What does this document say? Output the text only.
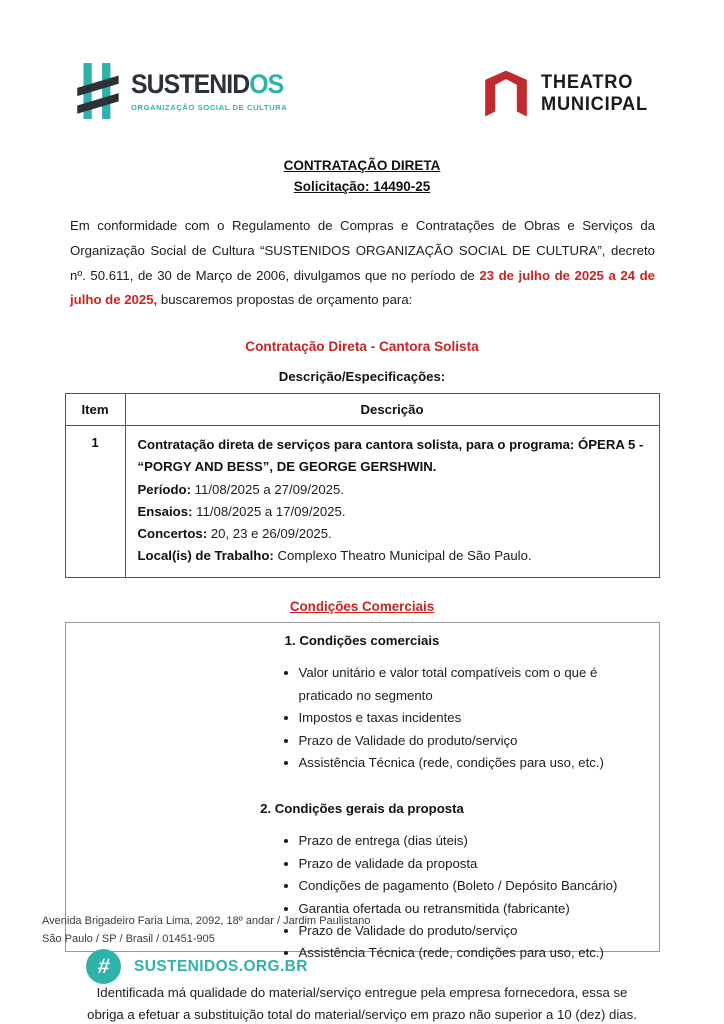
SUSTENIDOS
ORGANIZAÇÃO SOCIAL DE CULTURA
THEATRO
MUNICIPAL
CONTRATAÇÃO DIRETA
Solicitação: 14490-25

Em conformidade com o Regulamento de Compras e Contratações de Obras e Serviços da Organização Social de Cultura “SUSTENIDOS ORGANIZAÇÃO SOCIAL DE CULTURA”, decreto nº. 50.611, de 30 de Março de 2006, divulgamos que no período de 23 de julho de 2025 a 24 de julho de 2025, buscaremos propostas de orçamento para:

Contratação Direta - Cantora Solista
Descrição/Especificações:
Item	Descrição
1	Contratação direta de serviços para cantora solista, para o programa: ÓPERA 5 - “PORGY AND BESS”, DE GEORGE GERSHWIN.
Período: 11/08/2025 a 27/09/2025.
Ensaios: 11/08/2025 a 17/09/2025.
Concertos: 20, 23 e 26/09/2025.
Local(is) de Trabalho: Complexo Theatro Municipal de São Paulo.
Condições Comerciais
1. Condições comerciais
• Valor unitário e valor total compatíveis com o que é praticado no segmento
• Impostos e taxas incidentes
• Prazo de Validade do produto/serviço
• Assistência Técnica (rede, condições para uso, etc.)
2. Condições gerais da proposta
• Prazo de entrega (dias úteis)
• Prazo de validade da proposta
• Condições de pagamento (Boleto / Depósito Bancário)
• Garantia ofertada ou retransmitida (fabricante)
• Prazo de Validade do produto/serviço
• Assistência Técnica (rede, condições para uso, etc.)

Identificada má qualidade do material/serviço entregue pela empresa fornecedora, essa se obriga a efetuar a substituição total do material/serviço em prazo não superior a 10 (dez) dias.

Avenida Brigadeiro Faria Lima, 2092, 18º andar / Jardim Paulistano
São Paulo / SP / Brasil / 01451-905
# SUSTENIDOS.ORG.BR
